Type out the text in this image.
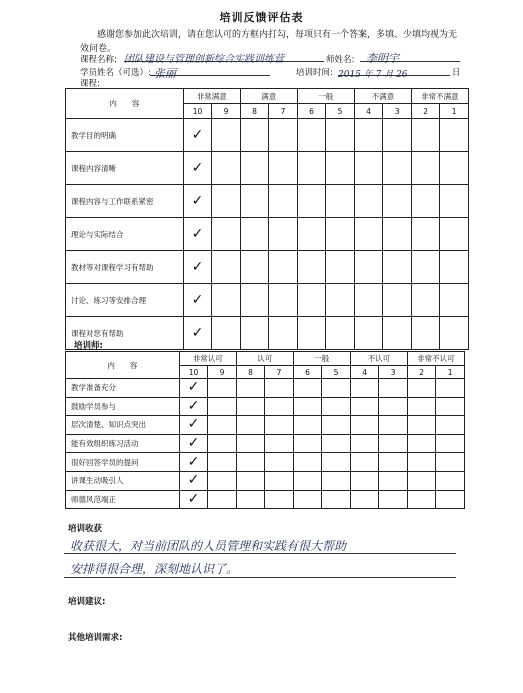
培训反馈评估表
感谢您参加此次培训，请在您认可的方框内打勾，每项只有一个答案，多填、少填均视为无效问卷。
课程名称: 团队建设与管理创新综合实践训练营	师姓名:	李明宇
学员姓名（可选）: 张丽	培训时间: 2015 年 7 月 26	日
课程:
内　　容	非常满意		满意		一般		不满意		非常不满意	
	10	9	8	7	6	5	4	3	2	1
教学目的明确	✓									
课程内容清晰	✓									
课程内容与工作联系紧密	✓									
理论与实际结合	✓									
教材等对课程学习有帮助	✓									
讨论、练习等安排合理	✓									
课程对您有帮助	✓									
培训师:
内　　容	非常认可		认可		一般		不认可		非常不认可	
	10	9	8	7	6	5	4	3	2	1
教学准备充分	✓									
鼓励学员参与	✓									
层次清楚、知识点突出	✓									
能有效组织练习活动	✓									
很好回答学员的提问	✓									
讲课生动吸引人	✓									
师德风范端正	✓									
培训收获
收获很大，对当前团队的人员管理和实践有很大帮助
安排得很合理，深刻地认识了。
培训建议:
其他培训需求:
